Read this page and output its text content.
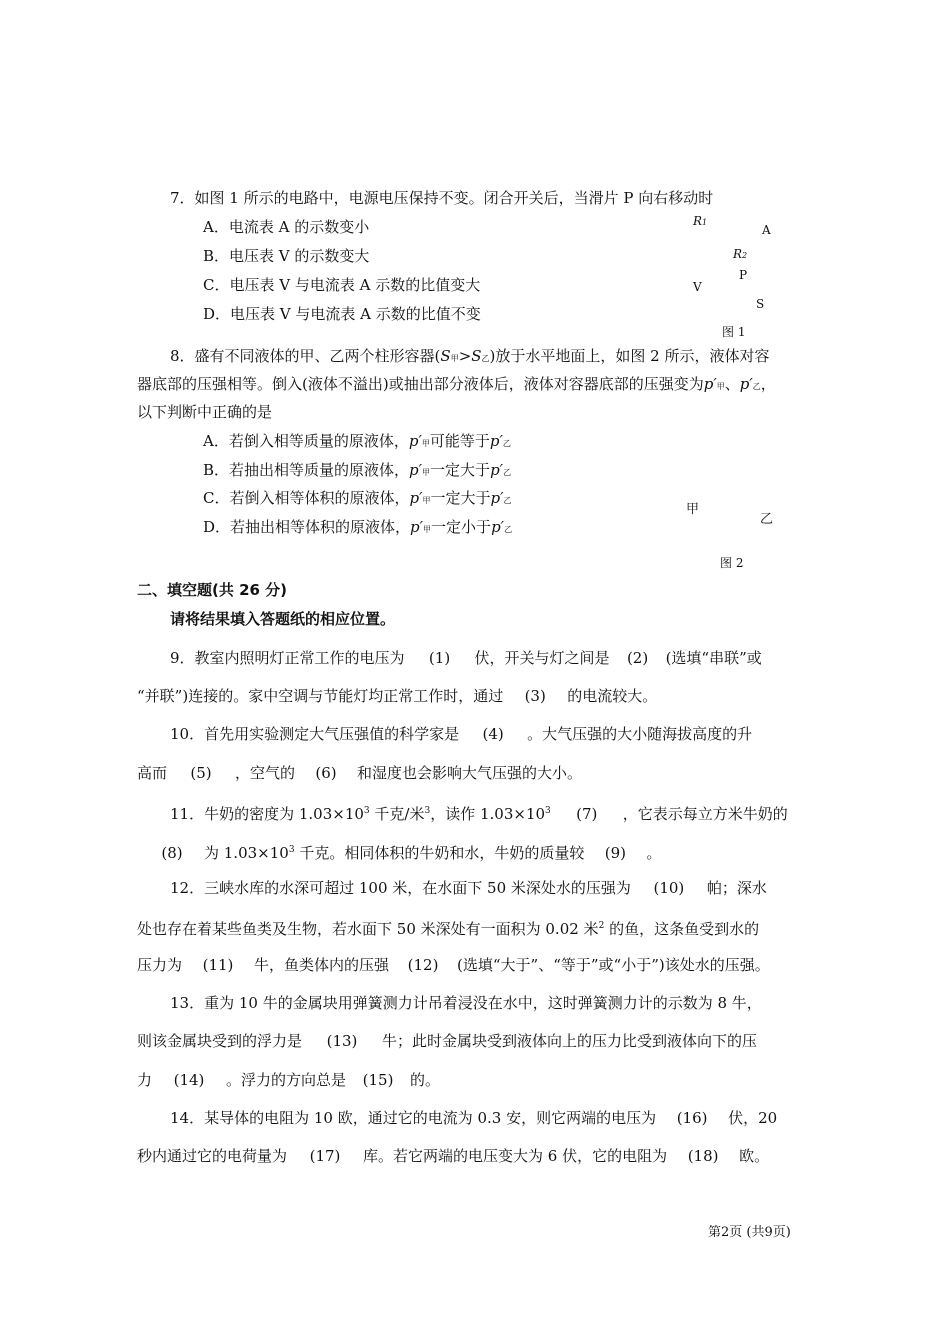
7．如图 1 所示的电路中，电源电压保持不变。闭合开关后，当滑片 P 向右移动时
A．电流表 A 的示数变小
B．电压表 V 的示数变大
C．电压表 V 与电流表 A 示数的比值变大
D．电压表 V 与电流表 A 示数的比值不变
R1
A
R2
P
V
S
图 1
8．盛有不同液体的甲、乙两个柱形容器(S甲>S乙)放于水平地面上，如图 2 所示，液体对容
器底部的压强相等。倒入(液体不溢出)或抽出部分液体后，液体对容器底部的压强变为p′甲、p′乙，
以下判断中正确的是
A．若倒入相等质量的原液体，p′甲可能等于p′乙
B．若抽出相等质量的原液体，p′甲一定大于p′乙
C．若倒入相等体积的原液体，p′甲一定大于p′乙
D．若抽出相等体积的原液体，p′甲一定小于p′乙
甲
乙
图 2
二、填空题(共 26 分)
请将结果填入答题纸的相应位置。
9．教室内照明灯正常工作的电压为 (1) 伏，开关与灯之间是 (2) (选填“串联”或
“并联”)连接的。家中空调与节能灯均正常工作时，通过 (3) 的电流较大。
10．首先用实验测定大气压强值的科学家是 (4) 。大气压强的大小随海拔高度的升
高而 (5) ，空气的 (6) 和湿度也会影响大气压强的大小。
11．牛奶的密度为 $1.03\times 10^3$ 千克/米$^3$，读作 $1.03\times 10^3$ (7) ，它表示每立方米牛奶的
(8) 为 $1.03\times 10^3$ 千克。相同体积的牛奶和水，牛奶的质量较 (9) 。
12．三峡水库的水深可超过 100 米，在水面下 50 米深处水的压强为 (10) 帕；深水
处也存在着某些鱼类及生物，若水面下 50 米深处有一面积为 0.02 米$^2$ 的鱼，这条鱼受到水的
压力为 (11) 牛，鱼类体内的压强 (12) (选填“大于”、“等于”或“小于”)该处水的压强。
13．重为 10 牛的金属块用弹簧测力计吊着浸没在水中，这时弹簧测力计的示数为 8 牛，
则该金属块受到的浮力是 (13) 牛；此时金属块受到液体向上的压力比受到液体向下的压
力 (14) 。浮力的方向总是 (15) 的。
14．某导体的电阻为 10 欧，通过它的电流为 0.3 安，则它两端的电压为 (16) 伏，20
秒内通过它的电荷量为 (17) 库。若它两端的电压变大为 6 伏，它的电阻为 (18) 欧。
第2页 (共9页)
